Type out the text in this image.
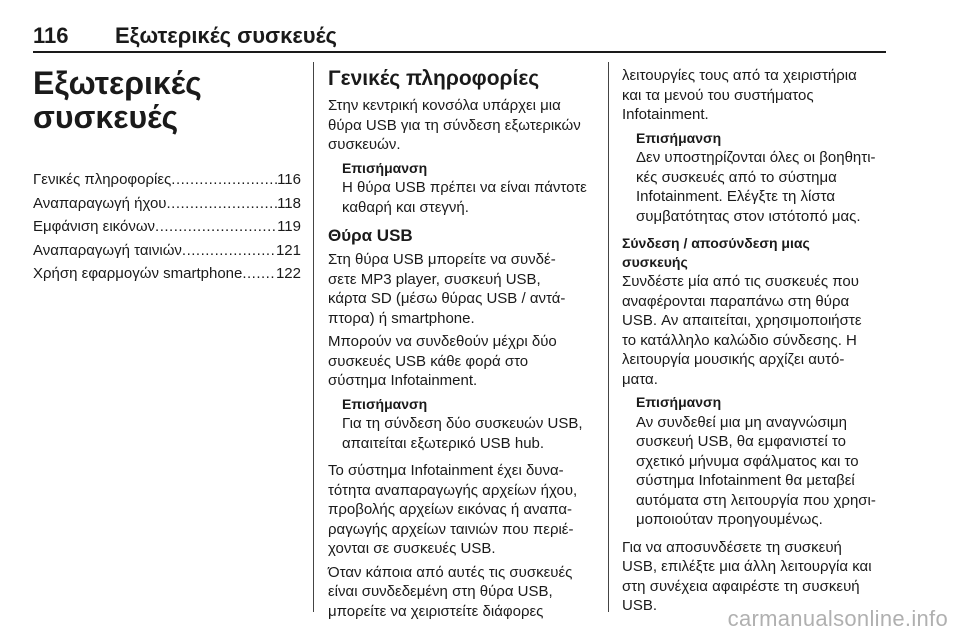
116 Εξωτερικές συσκευές
Εξωτερικές
συσκευές
Γενικές πληροφορίες .....	116
Αναπαραγωγή ήχου .....	118
Εμφάνιση εικόνων .....	119
Αναπαραγωγή ταινιών .....	121
Χρήση εφαρμογών smartphone ..... 122
Γενικές πληροφορίες

Στην κεντρική κονσόλα υπάρχει μια
θύρα USB για τη σύνδεση εξωτερικών
συσκευών.

Επισήμανση
Η θύρα USB πρέπει να είναι πάντοτε
καθαρή και στεγνή.
Θύρα USB

Στη θύρα USB μπορείτε να συνδέ‐
σετε MP3 player, συσκευή USB,
κάρτα SD (μέσω θύρας USB / αντά‐
πτορα) ή smartphone.

Μπορούν να συνδεθούν μέχρι δύο
συσκευές USB κάθε φορά στο
σύστημα Infotainment.

Επισήμανση
Για τη σύνδεση δύο συσκευών USB,
απαιτείται εξωτερικό USB hub.

Το σύστημα Infotainment έχει δυνα‐
τότητα αναπαραγωγής αρχείων ήχου,
προβολής αρχείων εικόνας ή αναπα‐
ραγωγής αρχείων ταινιών που περιέ‐
χονται σε συσκευές USB.

Όταν κάποια από αυτές τις συσκευές
είναι συνδεδεμένη στη θύρα USB,
μπορείτε να χειριστείτε διάφορες

λειτουργίες τους από τα χειριστήρια
και τα μενού του συστήματος
Infotainment.

Επισήμανση
Δεν υποστηρίζονται όλες οι βοηθητι‐
κές συσκευές από το σύστημα
Infotainment. Ελέγξτε τη λίστα
συμβατότητας στον ιστότοπό μας.
Σύνδεση / αποσύνδεση μιας
συσκευής

Συνδέστε μία από τις συσκευές που
αναφέρονται παραπάνω στη θύρα
USB. Αν απαιτείται, χρησιμοποιήστε
το κατάλληλο καλώδιο σύνδεσης. Η
λειτουργία μουσικής αρχίζει αυτό‐
ματα.

Επισήμανση
Αν συνδεθεί μια μη αναγνώσιμη
συσκευή USB, θα εμφανιστεί το
σχετικό μήνυμα σφάλματος και το
σύστημα Infotainment θα μεταβεί
αυτόματα στη λειτουργία που χρησι‐
μοποιούταν προηγουμένως.

Για να αποσυνδέσετε τη συσκευή
USB, επιλέξτε μια άλλη λειτουργία και
στη συνέχεια αφαιρέστε τη συσκευή
USB.

carmanualsonline.info
